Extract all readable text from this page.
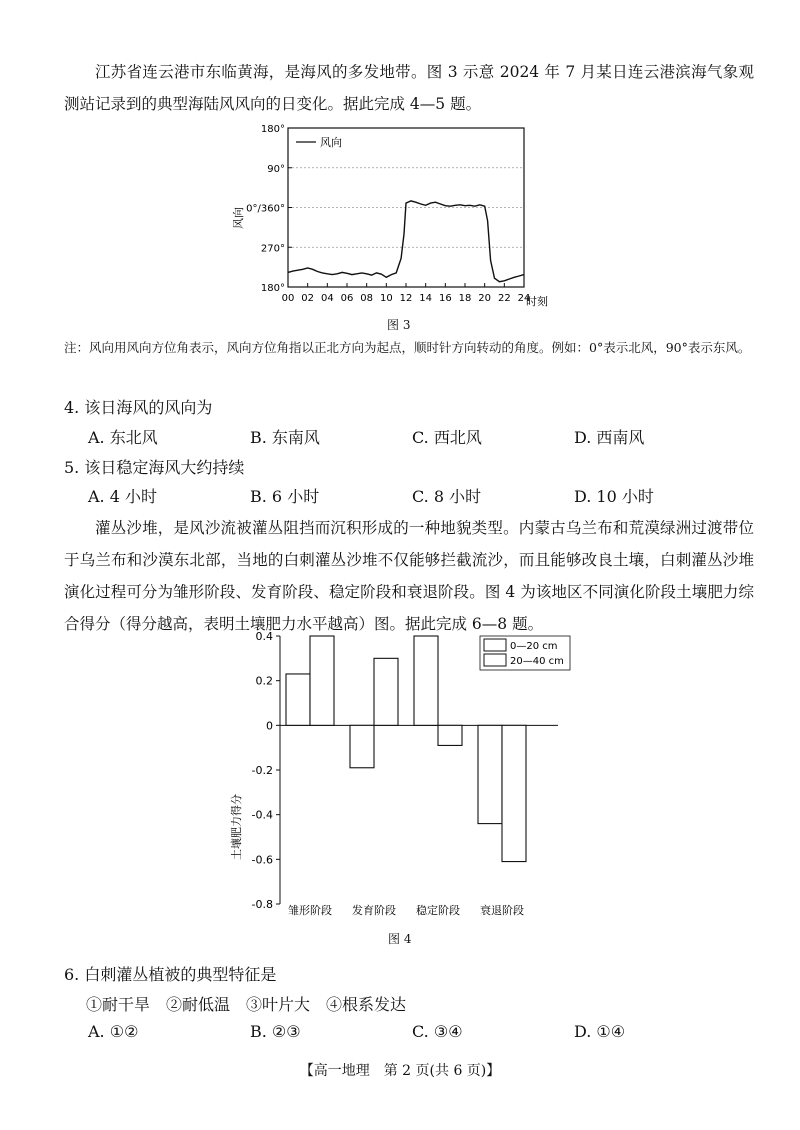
江苏省连云港市东临黄海，是海风的多发地带。图 3 示意 2024 年 7 月某日连云港滨海气象观测站记录到的典型海陆风风向的日变化。据此完成 4—5 题。

180°
90°
0°/360°
270°
180°
00 02 04 06 08 10 12 14 16 18 20 22 24
风向
风向
时刻
图 3

注：风向用风向方位角表示，风向方位角指以正北方向为起点，顺时针方向转动的角度。例如：0°表示北风，90°表示东风。

4. 该日海风的风向为
A. 东北风	B. 东南风	C. 西北风	D. 西南风
5. 该日稳定海风大约持续
A. 4 小时	B. 6 小时	C. 8 小时	D. 10 小时

灌丛沙堆，是风沙流被灌丛阻挡而沉积形成的一种地貌类型。内蒙古乌兰布和荒漠绿洲过渡带位于乌兰布和沙漠东北部，当地的白刺灌丛沙堆不仅能够拦截流沙，而且能够改良土壤，白刺灌丛沙堆演化过程可分为雏形阶段、发育阶段、稳定阶段和衰退阶段。图 4 为该地区不同演化阶段土壤肥力综合得分（得分越高，表明土壤肥力水平越高）图。据此完成 6—8 题。

0.4
0.2
0
-0.2
-0.4
-0.6
-0.8 雏形阶段 发育阶段 稳定阶段 衰退阶段
土壤肥力得分
0—20 cm
20—40 cm
图 4
6. 白刺灌丛植被的典型特征是
①耐干旱　②耐低温　③叶片大　④根系发达
A. ①②	B. ②③	C. ③④	D. ①④
【高一地理　第 2 页(共 6 页)】
